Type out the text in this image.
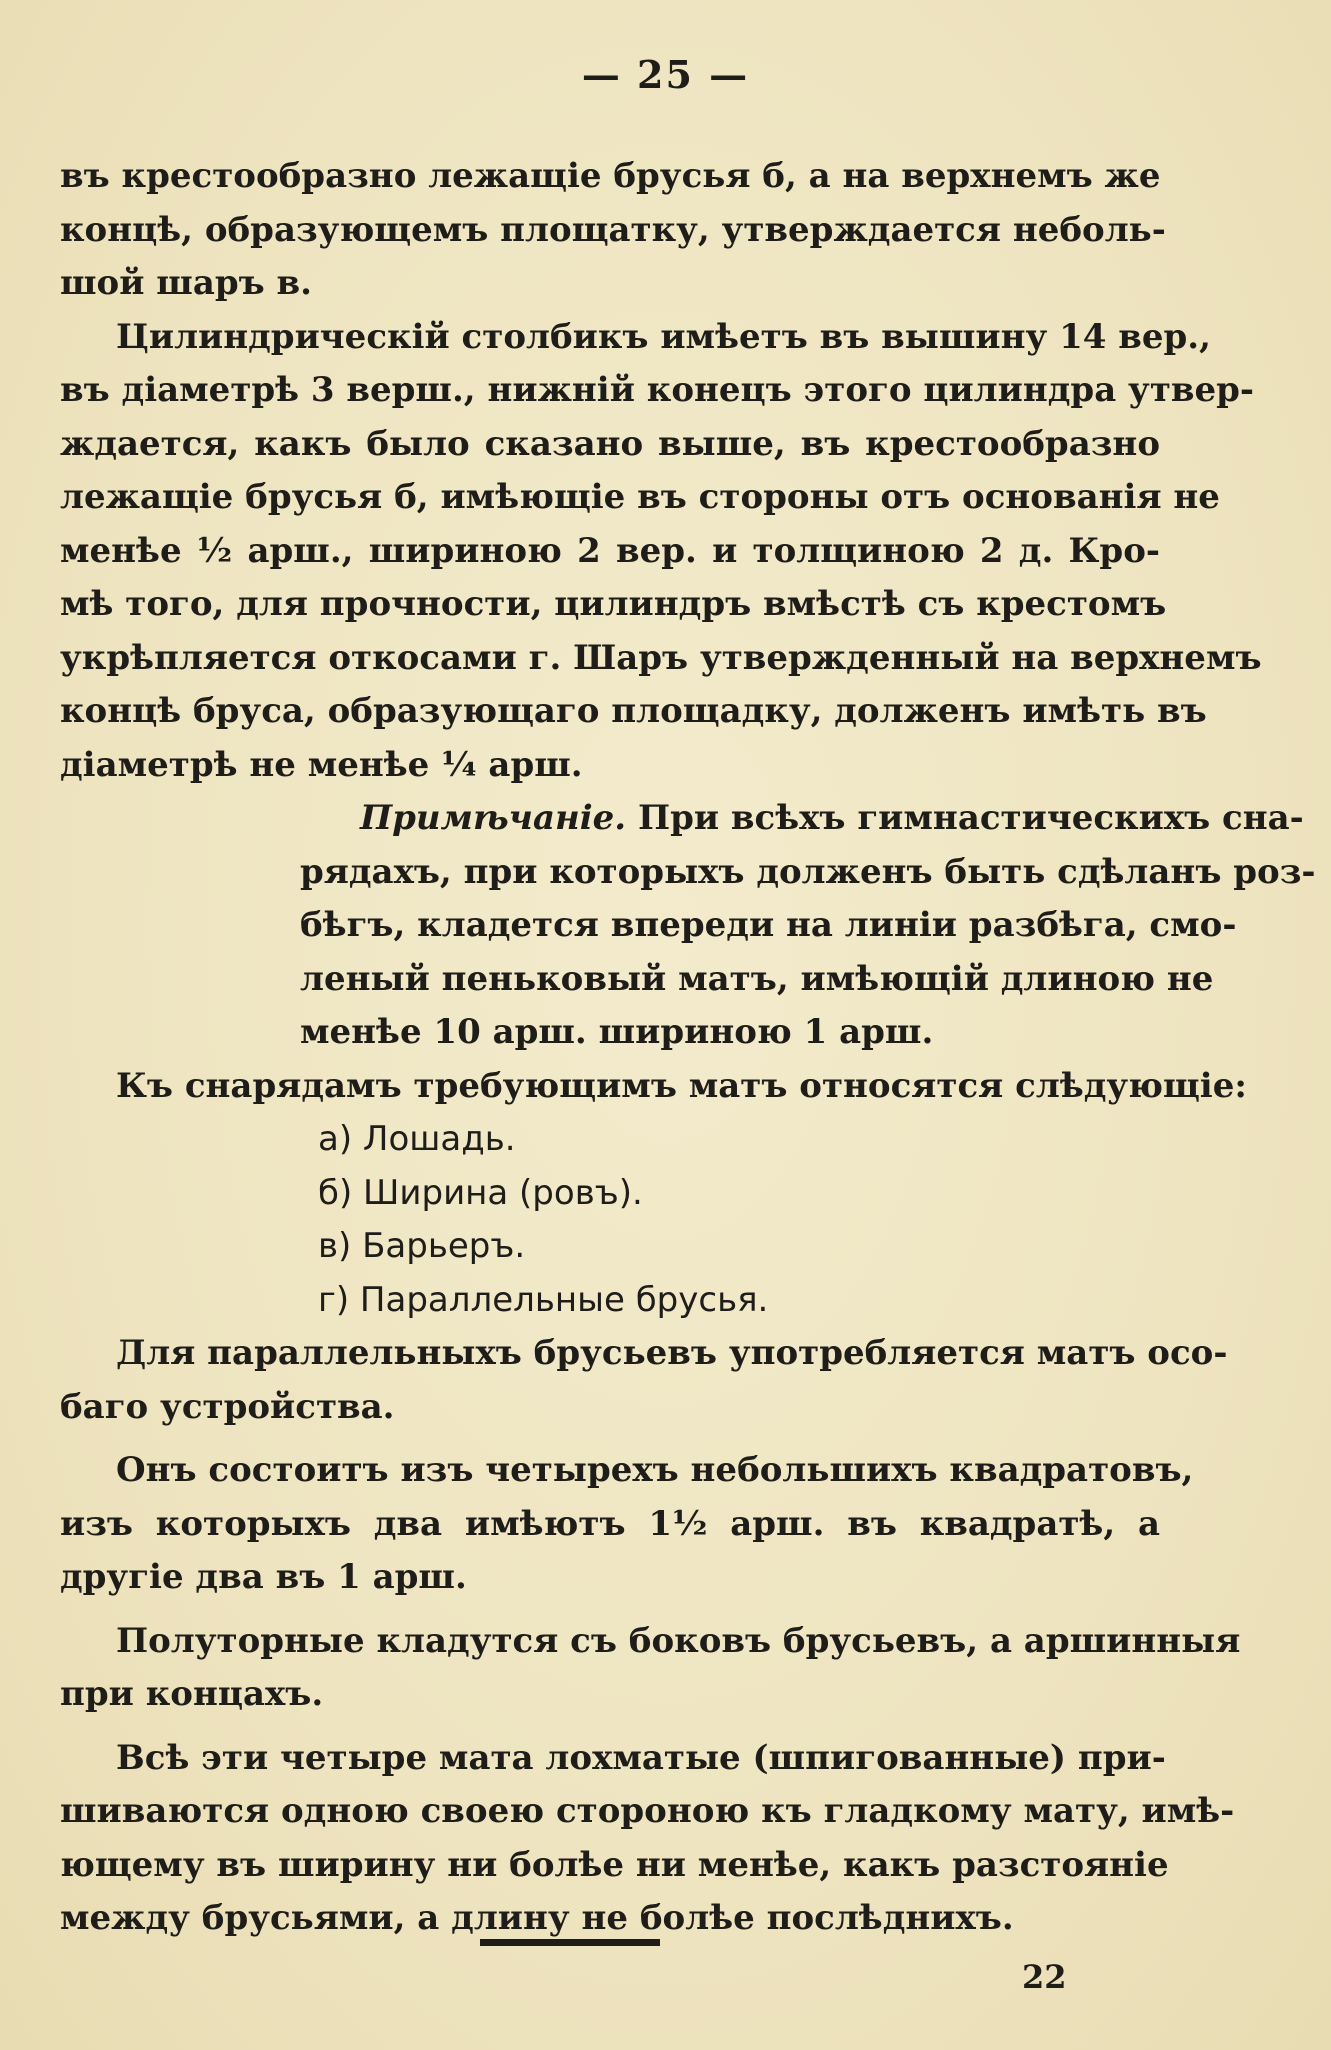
— 25 —
въ крестообразно лежащіе брусья б, а на верхнемъ же
концѣ, образующемъ площатку, утверждается неболь-
шой шаръ в.
Цилиндрическій столбикъ имѣетъ въ вышину 14 вер.,
въ діаметрѣ 3 верш., нижній конецъ этого цилиндра утвер-
ждается, какъ было сказано выше, въ крестообразно
лежащіе брусья б, имѣющіе въ стороны отъ основанія не
менѣе ½ арш., шириною 2 вер. и толщиною 2 д. Кро-
мѣ того, для прочности, цилиндръ вмѣстѣ съ крестомъ
укрѣпляется откосами г. Шаръ утвержденный на верхнемъ
концѣ бруса, образующаго площадку, долженъ имѣть въ
діаметрѣ не менѣе ¼ арш.
Примѣчаніе. При всѣхъ гимнастическихъ сна-
рядахъ, при которыхъ долженъ быть сдѣланъ роз-
бѣгъ, кладется впереди на линіи разбѣга, смо-
леный пеньковый матъ, имѣющій длиною не
менѣе 10 арш. шириною 1 арш.
Къ снарядамъ требующимъ матъ относятся слѣдующіе:
а) Лошадь.
б) Ширина (ровъ).
в) Барьеръ.
г) Параллельные брусья.
Для параллельныхъ брусьевъ употребляется матъ осо-
баго устройства.
Онъ состоитъ изъ четырехъ небольшихъ квадратовъ,
изъ которыхъ два имѣютъ 1½ арш. въ квадратѣ, а
другіе два въ 1 арш.
Полуторные кладутся съ боковъ брусьевъ, а аршинныя
при концахъ.
Всѣ эти четыре мата лохматые (шпигованные) при-
шиваются одною своею стороною къ гладкому мату, имѣ-
ющему въ ширину ни болѣе ни менѣе, какъ разстояніе
между брусьями, а длину не болѣе послѣднихъ.
22
